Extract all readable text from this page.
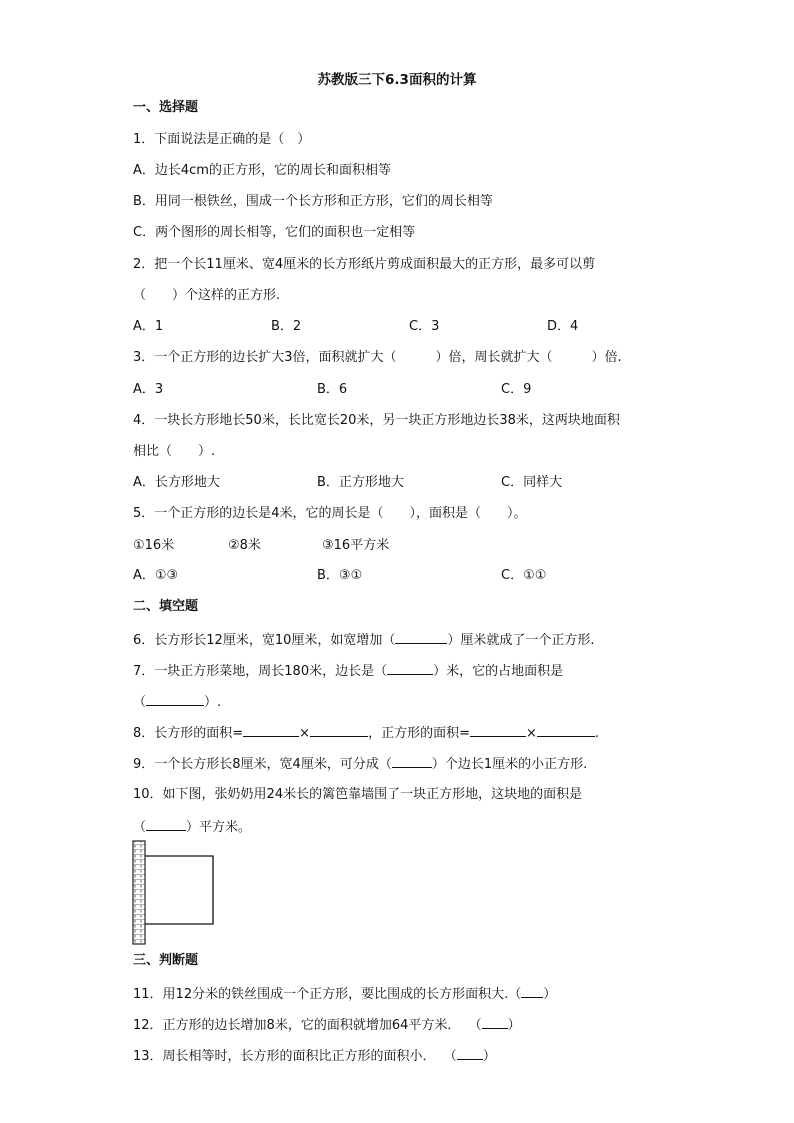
苏教版三下6.3面积的计算
一、选择题
1．下面说法是正确的是（　）
A．边长4cm的正方形，它的周长和面积相等
B．用同一根铁丝，围成一个长方形和正方形，它们的周长相等
C．两个图形的周长相等，它们的面积也一定相等
2．把一个长11厘米、宽4厘米的长方形纸片剪成面积最大的正方形，最多可以剪
（　　）个这样的正方形.
A．1	B．2	C．3	D．4
3．一个正方形的边长扩大3倍，面积就扩大（　　　）倍，周长就扩大（　　　）倍.
A．3	B．6	C．9
4．一块长方形地长50米，长比宽长20米，另一块正方形地边长38米，这两块地面积
相比（　　）.
A．长方形地大	B．正方形地大	C．同样大
5．一个正方形的边长是4米，它的周长是（　　），面积是（　　）。
①16米	②8米	③16平方米
A．①③	B．③①	C．①①
二、填空题
6．长方形长12厘米，宽10厘米，如宽增加（	）厘米就成了一个正方形.
7．一块正方形菜地，周长180米，边长是（	）米，它的占地面积是
（	）.
8．长方形的面积=	×	，正方形的面积=	×	.
9．一个长方形长8厘米，宽4厘米，可分成（	）个边长1厘米的小正方形.
10．如下图，张奶奶用24米长的篱笆靠墙围了一块正方形地，这块地的面积是
（	）平方米。
三、判断题
11．用12分米的铁丝围成一个正方形，要比围成的长方形面积大.（ ）
12．正方形的边长增加8米，它的面积就增加64平方米．  （ ）
13．周长相等时，长方形的面积比正方形的面积小．  （ ）
